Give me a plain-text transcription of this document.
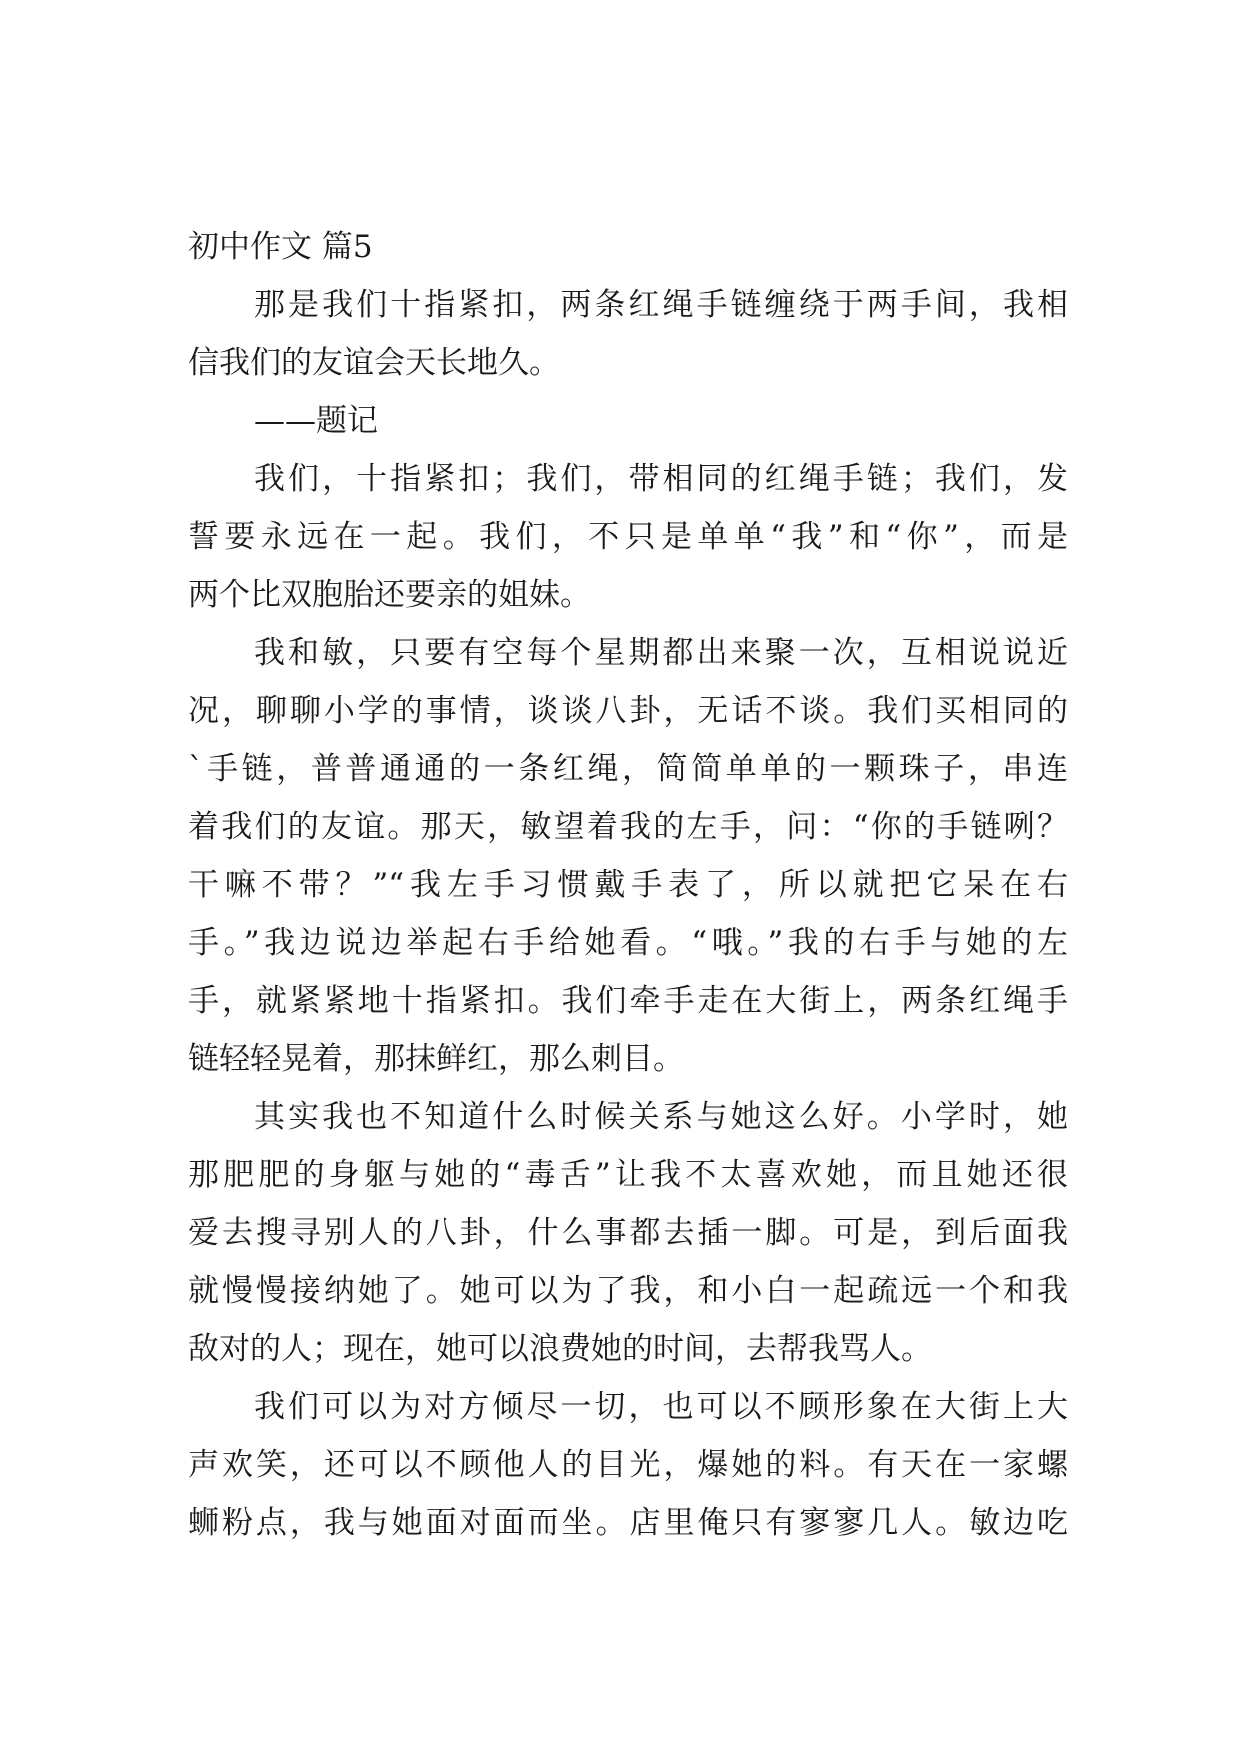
初中作文 篇5
那是我们十指紧扣，两条红绳手链缠绕于两手间，我相
信我们的友谊会天长地久。
——题记
我们，十指紧扣；我们，带相同的红绳手链；我们，发
誓要永远在一起。我们，不只是单单“我”和“你”，而是
两个比双胞胎还要亲的姐妹。
我和敏，只要有空每个星期都出来聚一次，互相说说近
况，聊聊小学的事情，谈谈八卦，无话不谈。我们买相同的
`手链，普普通通的一条红绳，简简单单的一颗珠子，串连
着我们的友谊。那天，敏望着我的左手，问：“你的手链咧？
干嘛不带？”“我左手习惯戴手表了，所以就把它呆在右
手。”我边说边举起右手给她看。“哦。”我的右手与她的左
手，就紧紧地十指紧扣。我们牵手走在大街上，两条红绳手
链轻轻晃着，那抹鲜红，那么刺目。
其实我也不知道什么时候关系与她这么好。小学时，她
那肥肥的身躯与她的“毒舌”让我不太喜欢她，而且她还很
爱去搜寻别人的八卦，什么事都去插一脚。可是，到后面我
就慢慢接纳她了。她可以为了我，和小白一起疏远一个和我
敌对的人；现在，她可以浪费她的时间，去帮我骂人。
我们可以为对方倾尽一切，也可以不顾形象在大街上大
声欢笑，还可以不顾他人的目光，爆她的料。有天在一家螺
蛳粉点，我与她面对面而坐。店里俺只有寥寥几人。敏边吃
